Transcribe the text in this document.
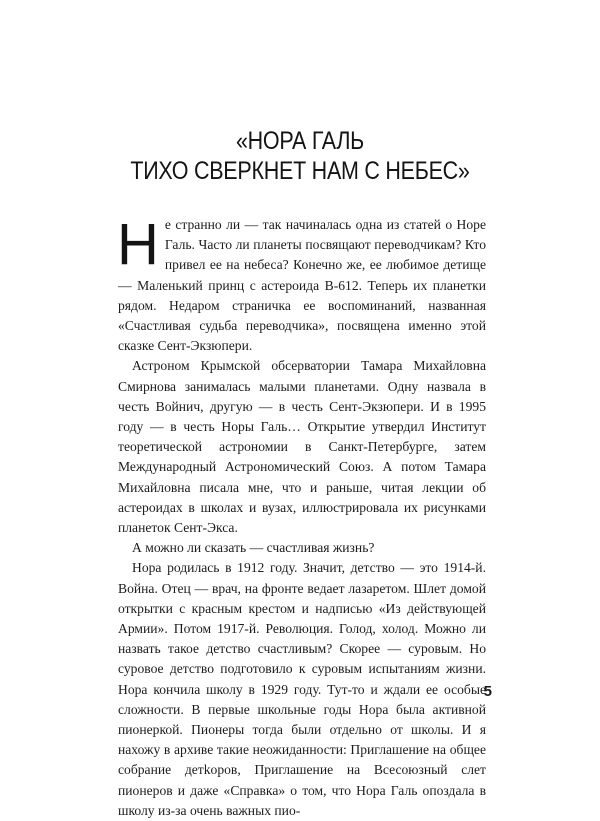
«НОРА ГАЛЬ
ТИХО СВЕРКНЕТ НАМ С НЕБЕС»

Не странно ли — так начиналась одна из статей о Норе Галь. Часто ли планеты посвящают переводчикам? Кто привел ее на небеса? Конечно же, ее любимое детище — Маленький принц с астероида В-612. Теперь их планетки рядом. Недаром страничка ее воспоминаний, названная «Счастливая судьба переводчика», посвящена именно этой сказке Сент-Экзюпери.

Астроном Крымской обсерватории Тамара Михайловна Смирнова занималась малыми планетами. Одну назвала в честь Войнич, другую — в честь Сент-Экзюпери. И в 1995 году — в честь Норы Галь… Открытие утвердил Институт теоретической астрономии в Санкт-Петербурге, затем Международный Астрономический Союз. А потом Тамара Михайловна писала мне, что и раньше, читая лекции об астероидах в школах и вузах, иллюстрировала их рисунками планеток Сент-Экса.

А можно ли сказать — счастливая жизнь?

Нора родилась в 1912 году. Значит, детство — это 1914-й. Война. Отец — врач, на фронте ведает лазаретом. Шлет домой открытки с красным крестом и надписью «Из действующей Армии». Потом 1917-й. Революция. Голод, холод. Можно ли назвать такое детство счастливым? Скорее — суровым. Но суровое детство подготовило к суровым испытаниям жизни. Нора кончила школу в 1929 году. Тут-то и ждали ее особые сложности. В первые школьные годы Нора была активной пионеркой. Пионеры тогда были отдельно от школы. И я нахожу в архиве такие неожиданности: Приглашение на общее собрание детkоров, Приглашение на Всесоюзный слет пионеров и даже «Справка» о том, что Нора Галь опоздала в школу из-за очень важных пио-

5
